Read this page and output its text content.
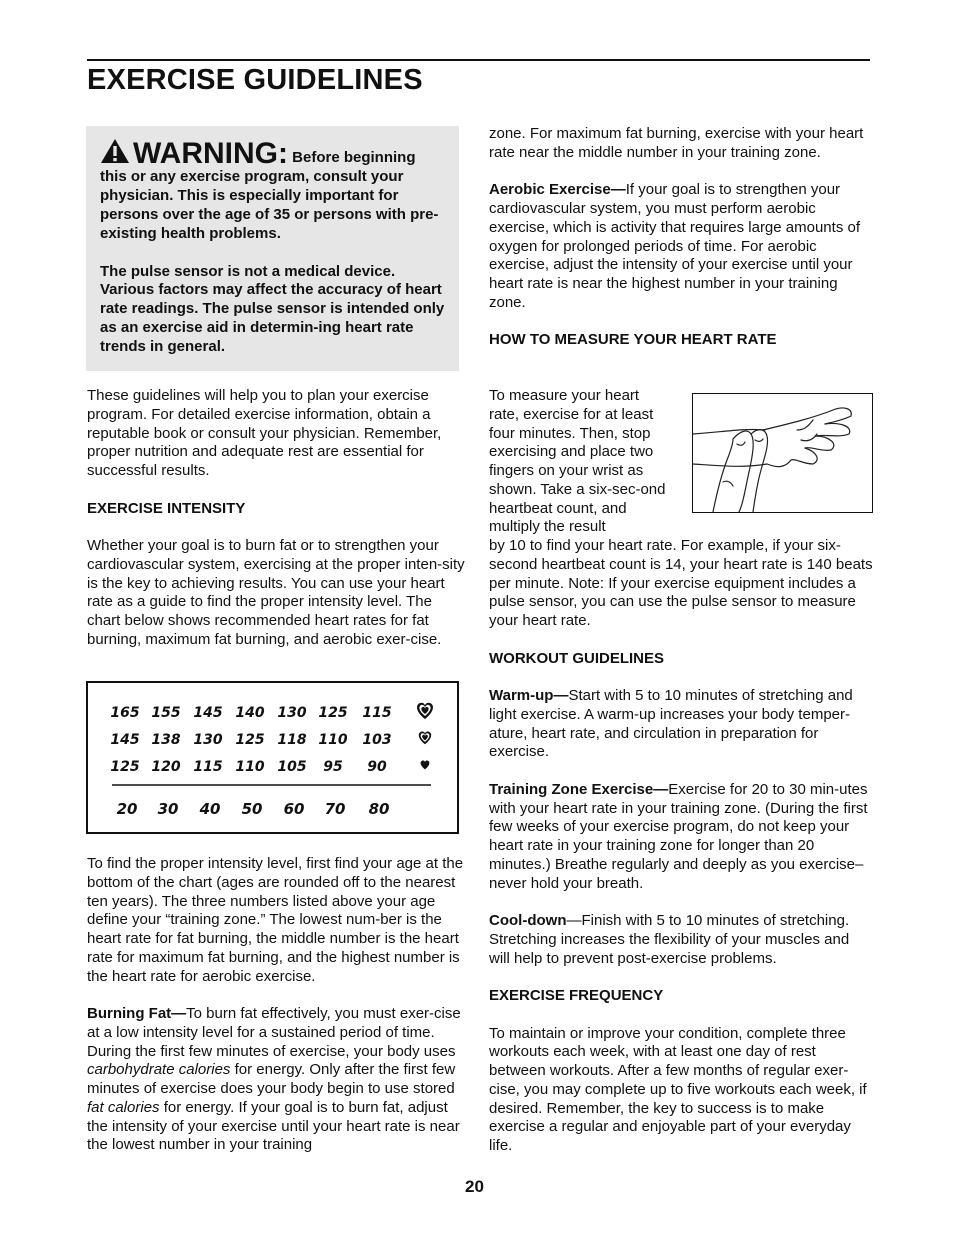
EXERCISE GUIDELINES

WARNING: Before beginning this or any exercise program, consult your physician. This is especially important for persons over the age of 35 or persons with pre-existing health problems.

The pulse sensor is not a medical device. Various factors may affect the accuracy of heart rate readings. The pulse sensor is intended only as an exercise aid in determin-ing heart rate trends in general.

These guidelines will help you to plan your exercise program. For detailed exercise information, obtain a reputable book or consult your physician. Remember, proper nutrition and adequate rest are essential for successful results.

EXERCISE INTENSITY

Whether your goal is to burn fat or to strengthen your cardiovascular system, exercising at the proper inten-sity is the key to achieving results. You can use your heart rate as a guide to find the proper intensity level. The chart below shows recommended heart rates for fat burning, maximum fat burning, and aerobic exer-cise.

165 155 145 140 130 125 115
145 138 130 125 118 110 103
125 120 115 110 105 95 90
20 30 40 50 60 70 80

To find the proper intensity level, first find your age at the bottom of the chart (ages are rounded off to the nearest ten years). The three numbers listed above your age define your “training zone.” The lowest num-ber is the heart rate for fat burning, the middle number is the heart rate for maximum fat burning, and the highest number is the heart rate for aerobic exercise.

Burning Fat—To burn fat effectively, you must exer-cise at a low intensity level for a sustained period of time. During the first few minutes of exercise, your body uses carbohydrate calories for energy. Only after the first few minutes of exercise does your body begin to use stored fat calories for energy. If your goal is to burn fat, adjust the intensity of your exercise until your heart rate is near the lowest number in your training

zone. For maximum fat burning, exercise with your heart rate near the middle number in your training zone.

Aerobic Exercise—If your goal is to strengthen your cardiovascular system, you must perform aerobic exercise, which is activity that requires large amounts of oxygen for prolonged periods of time. For aerobic exercise, adjust the intensity of your exercise until your heart rate is near the highest number in your training zone.

HOW TO MEASURE YOUR HEART RATE

To measure your heart rate, exercise for at least four minutes. Then, stop exercising and place two fingers on your wrist as shown. Take a six-sec-ond heartbeat count, and multiply the result

by 10 to find your heart rate. For example, if your six-second heartbeat count is 14, your heart rate is 140 beats per minute. Note: If your exercise equipment includes a pulse sensor, you can use the pulse sensor to measure your heart rate.

WORKOUT GUIDELINES

Warm-up—Start with 5 to 10 minutes of stretching and light exercise. A warm-up increases your body temper-ature, heart rate, and circulation in preparation for exercise.

Training Zone Exercise—Exercise for 20 to 30 min-utes with your heart rate in your training zone. (During the first few weeks of your exercise program, do not keep your heart rate in your training zone for longer than 20 minutes.) Breathe regularly and deeply as you exercise–never hold your breath.

Cool-down—Finish with 5 to 10 minutes of stretching. Stretching increases the flexibility of your muscles and will help to prevent post-exercise problems.

EXERCISE FREQUENCY

To maintain or improve your condition, complete three workouts each week, with at least one day of rest between workouts. After a few months of regular exer-cise, you may complete up to five workouts each week, if desired. Remember, the key to success is to make exercise a regular and enjoyable part of your everyday life.

20
